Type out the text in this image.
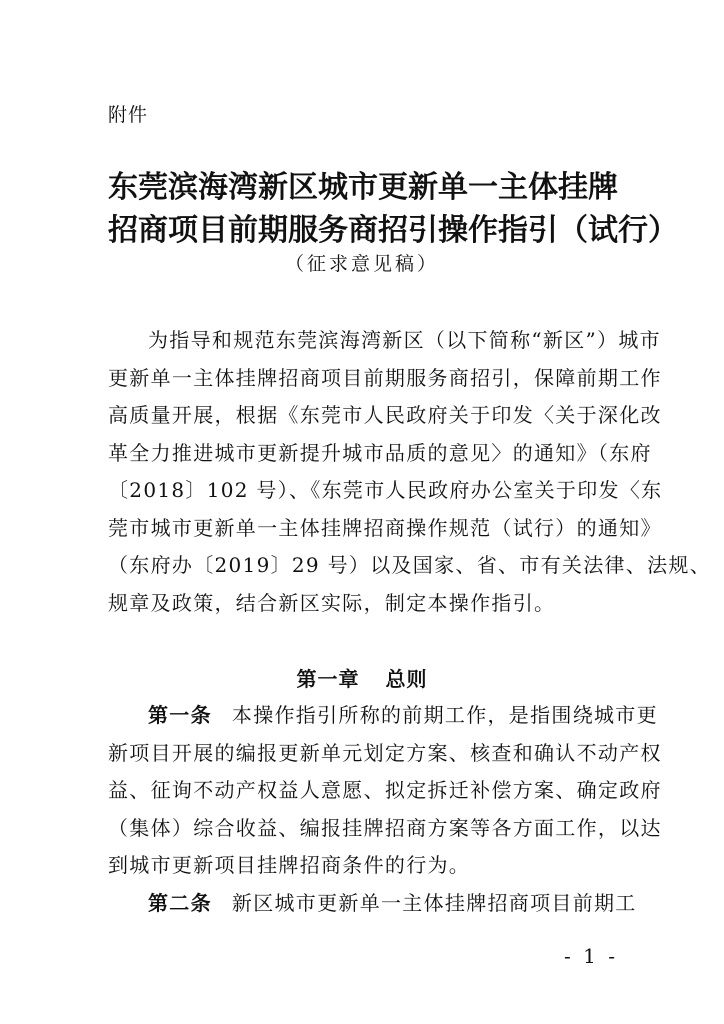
附件
东莞滨海湾新区城市更新单一主体挂牌
招商项目前期服务商招引操作指引（试行）
（征求意见稿）
为指导和规范东莞滨海湾新区（以下简称“新区”）城市
更新单一主体挂牌招商项目前期服务商招引，保障前期工作
高质量开展，根据《东莞市人民政府关于印发〈关于深化改
革全力推进城市更新提升城市品质的意见〉的通知》（东府
〔2018〕102 号）、《东莞市人民政府办公室关于印发〈东
莞市城市更新单一主体挂牌招商操作规范（试行）的通知》
（东府办〔2019〕29 号）以及国家、省、市有关法律、法规、
规章及政策，结合新区实际，制定本操作指引。
第一章 总则
第一条 本操作指引所称的前期工作，是指围绕城市更
新项目开展的编报更新单元划定方案、核查和确认不动产权
益、征询不动产权益人意愿、拟定拆迁补偿方案、确定政府
（集体）综合收益、编报挂牌招商方案等各方面工作，以达
到城市更新项目挂牌招商条件的行为。
第二条 新区城市更新单一主体挂牌招商项目前期工
- 1 -
